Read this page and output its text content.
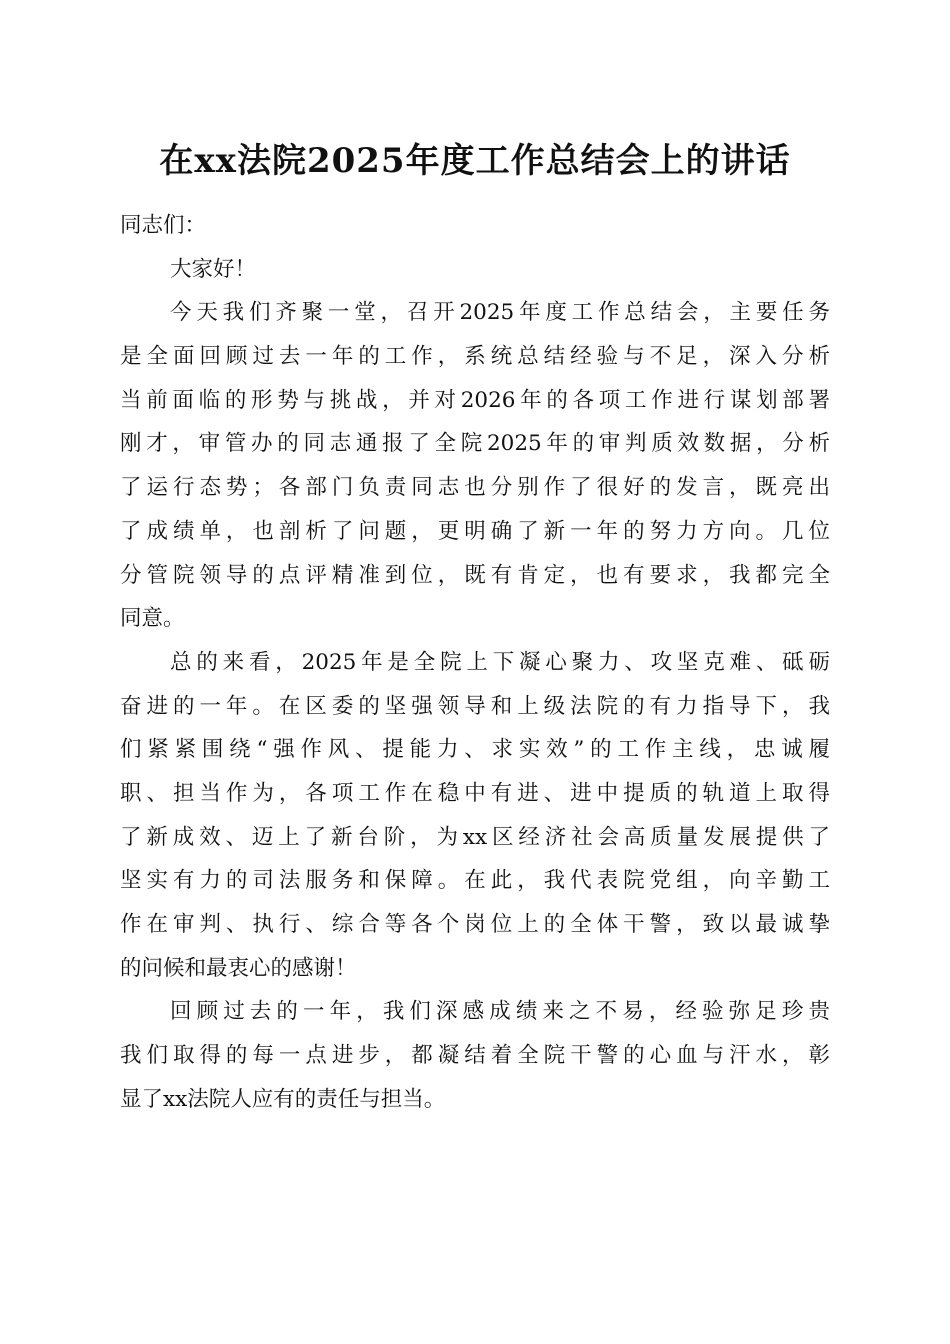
在xx法院2025年度工作总结会上的讲话
同志们：
大家好！
今天我们齐聚一堂，召开2025年度工作总结会，主要任务
是全面回顾过去一年的工作，系统总结经验与不足，深入分析
当前面临的形势与挑战，并对2026年的各项工作进行谋划部署
刚才，审管办的同志通报了全院2025年的审判质效数据，分析
了运行态势；各部门负责同志也分别作了很好的发言，既亮出
了成绩单，也剖析了问题，更明确了新一年的努力方向。几位
分管院领导的点评精准到位，既有肯定，也有要求，我都完全
同意。
总的来看，2025年是全院上下凝心聚力、攻坚克难、砥砺
奋进的一年。在区委的坚强领导和上级法院的有力指导下，我
们紧紧围绕“强作风、提能力、求实效”的工作主线，忠诚履
职、担当作为，各项工作在稳中有进、进中提质的轨道上取得
了新成效、迈上了新台阶，为xx区经济社会高质量发展提供了
坚实有力的司法服务和保障。在此，我代表院党组，向辛勤工
作在审判、执行、综合等各个岗位上的全体干警，致以最诚挚
的问候和最衷心的感谢！
回顾过去的一年，我们深感成绩来之不易，经验弥足珍贵
我们取得的每一点进步，都凝结着全院干警的心血与汗水，彰
显了xx法院人应有的责任与担当。
